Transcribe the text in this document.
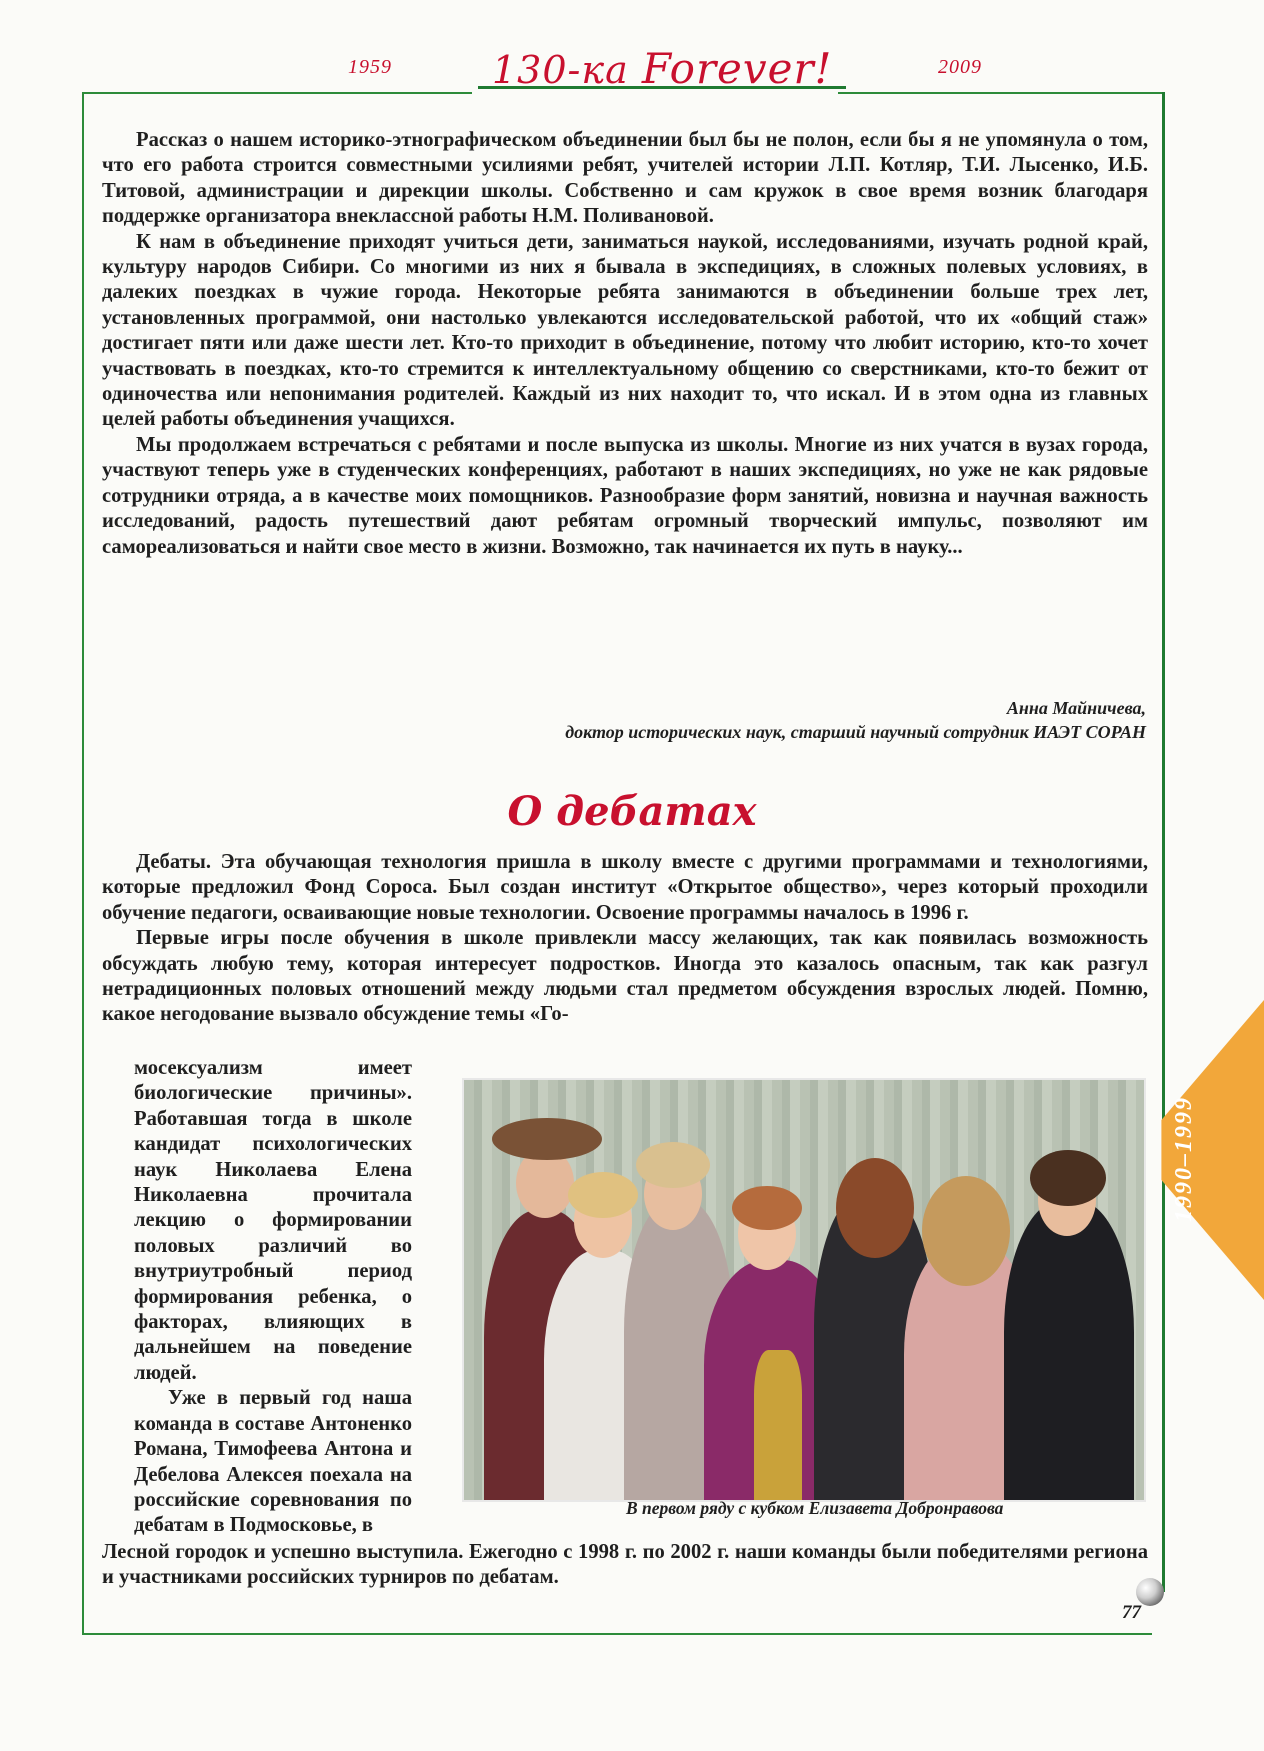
1959	130-ка Forever!	2009
1990–1999

Рассказ о нашем историко-этнографическом объединении был бы не полон, если бы я не упомянула о том, что его работа строится совместными усилиями ребят, учителей истории Л.П. Котляр, Т.И. Лысенко, И.Б. Титовой, администрации и дирекции школы. Собственно и сам кружок в свое время возник благодаря поддержке организатора внеклассной работы Н.М. Поливановой.

К нам в объединение приходят учиться дети, заниматься наукой, исследованиями, изучать родной край, культуру народов Сибири. Со многими из них я бывала в экспедициях, в сложных полевых условиях, в далеких поездках в чужие города. Некоторые ребята занимаются в объединении больше трех лет, установленных программой, они настолько увлекаются исследовательской работой, что их «общий стаж» достигает пяти или даже шести лет. Кто-то приходит в объединение, потому что любит историю, кто-то хочет участвовать в поездках, кто-то стремится к интеллектуальному общению со сверстниками, кто-то бежит от одиночества или непонимания родителей. Каждый из них находит то, что искал. И в этом одна из главных целей работы объединения учащихся.

Мы продолжаем встречаться с ребятами и после выпуска из школы. Многие из них учатся в вузах города, участвуют теперь уже в студенческих конференциях, работают в наших экспедициях, но уже не как рядовые сотрудники отряда, а в качестве моих помощников. Разнообразие форм занятий, новизна и научная важность исследований, радость путешествий дают ребятам огромный творческий импульс, позволяют им самореализоваться и найти свое место в жизни. Возможно, так начинается их путь в науку...

Анна Майничева,
доктор исторических наук, старший научный сотрудник ИАЭТ СОРАН
О дебатах

Дебаты. Эта обучающая технология пришла в школу вместе с другими программами и технологиями, которые предложил Фонд Сороса. Был создан институт «Открытое общество», через который проходили обучение педагоги, осваивающие новые технологии. Освоение программы началось в 1996 г.

Первые игры после обучения в школе привлекли массу желающих, так как появилась возможность обсуждать любую тему, которая интересует подростков. Иногда это казалось опасным, так как разгул нетрадиционных половых отношений между людьми стал предметом обсуждения взрослых людей. Помню, какое негодование вызвало обсуждение темы «Го-

мосексуализм имеет биологические причины». Работавшая тогда в школе кандидат психологических наук Николаева Елена Николаевна прочитала лекцию о формировании половых различий во внутриутробный период формирования ребенка, о факторах, влияющих в дальнейшем на поведение людей.

Уже в первый год наша команда в составе Антоненко Романа, Тимофеева Антона и Дебелова Алексея поехала на российские соревнования по дебатам в Подмосковье, в

В первом ряду с кубком Елизавета Добронравова

Лесной городок и успешно выступила. Ежегодно с 1998 г. по 2002 г. наши команды были победителями региона и участниками российских турниров по дебатам.

77
